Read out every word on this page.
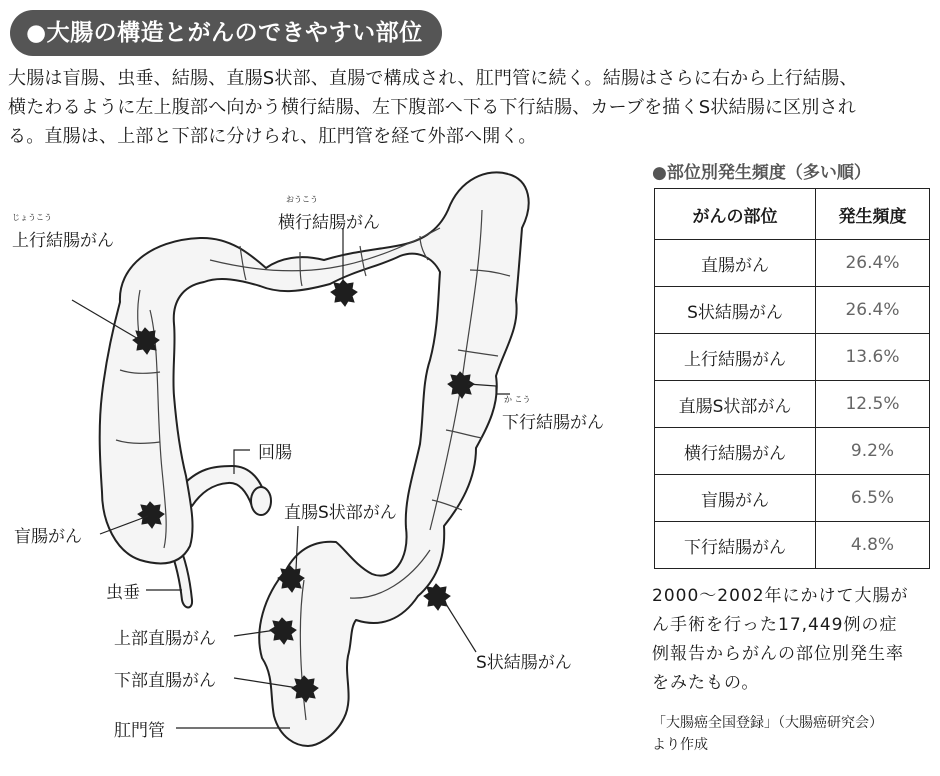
●大腸の構造とがんのできやすい部位
大腸は盲腸、虫垂、結腸、直腸S状部、直腸で構成され、肛門管に続く。結腸はさらに右から上行結腸、
横たわるように左上腹部へ向かう横行結腸、左下腹部へ下る下行結腸、カーブを描くS状結腸に区別され
る。直腸は、上部と下部に分けられ、肛門管を経て外部へ開く。
じょうこう
上行結腸がん
おうこう
横行結腸がん
か こう
下行結腸がん
回腸
直腸S状部がん
盲腸がん
虫垂
上部直腸がん
S状結腸がん
下部直腸がん
肛門管
●部位別発生頻度（多い順）
がんの部位	発生頻度
直腸がん	26.4%
S状結腸がん	26.4%
上行結腸がん	13.6%
直腸S状部がん	12.5%
横行結腸がん	9.2%
盲腸がん	6.5%
下行結腸がん	4.8%
2000～2002年にかけて大腸が
ん手術を行った17,449例の症
例報告からがんの部位別発生率
をみたもの。
「大腸癌全国登録」（大腸癌研究会）
より作成
